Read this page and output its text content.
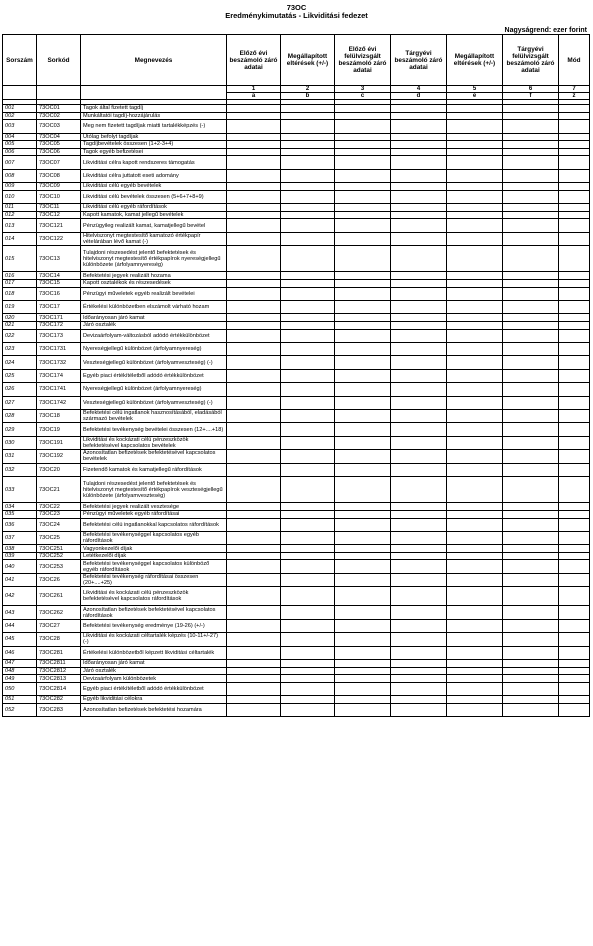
73OC
Eredménykimutatás - Likviditási fedezet
Nagyságrend: ezer forint
Sorszám	Sorkód	Megnevezés	Előző évi beszámoló záró adatai	Megállapított eltérések (+/-)	Előző évi felülvizsgált beszámoló záró adatai	Tárgyévi beszámoló záró adatai	Megállapított eltérések (+/-)	Tárgyévi felülvizsgált beszámoló záró adatai	Mód
			1	2	3	4	5	6	7
			a	b	c	d	e	f	z

001	73OC01	Tagok által fizetett tagdíj							
002	73OC02	Munkáltatói tagdíj-hozzájárulás							
003	73OC03	Meg nem fizetett tagdíjak miatti tartalékképzés (-)							
004	73OC04	Utólag befolyt tagdíjak							
005	73OC05	Tagdíjbevételek összesen (1+2-3+4)							
006	73OC06	Tagok egyéb befizetései							
007	73OC07	Likviditási célra kapott rendszeres támogatás							
008	73OC08	Likviditási célra juttatott eseti adomány							
009	73OC09	Likviditási célú egyéb bevételek							
010	73OC10	Likviditási célú bevételek összesen (5+6+7+8+9)							
011	73OC11	Likviditási célú egyéb ráfordítások							
012	73OC12	Kapott kamatok, kamat jellegű bevételek							
013	73OC121	Pénzügyileg realizált kamat, kamatjellegű bevétel							
014	73OC122	Hitelviszonyt megtestesítő kamatozó értékpapír vételárában lévő kamat (-)							
015	73OC13	Tulajdoni részesedést jelentő befektetések és hitelviszonyt megtestesítő értékpapírok nyereségjellegű különbözete (árfolyamnyereség)							
016	73OC14	Befektetési jegyek realizált hozama							
017	73OC15	Kapott osztalékok és részesedések							
018	73OC16	Pénzügyi műveletek egyéb realizált bevételei							
019	73OC17	Értékelési különbözetben elszámolt várható hozam							
020	73OC171	Időarányosan járó kamat							
021	73OC172	Járó osztalék							
022	73OC173	Devizaárfolyam-változásból adódó értékkülönbözet							
023	73OC1731	Nyereségjellegű különbözet (árfolyamnyereség)							
024	73OC1732	Veszteségjellegű különbözet (árfolyamveszteség) (-)							
025	73OC174	Egyéb piaci értékítéletből adódó értékkülönbözet							
026	73OC1741	Nyereségjellegű különbözet (árfolyamnyereség)							
027	73OC1742	Veszteségjellegű különbözet (árfolyamveszteség) (-)							
028	73OC18	Befektetési célú ingatlanok hasznosításából, eladásából származó bevételek							
029	73OC19	Befektetési tevékenység bevételei összesen (12+....+18)							
030	73OC191	Likviditási és kockázati célú pénzeszközök befektetésével kapcsolatos bevételek							
031	73OC192	Azonosítatlan befizetések befektetésével kapcsolatos bevételek							
032	73OC20	Fizetendő kamatok és kamatjellegű ráfordítások							
033	73OC21	Tulajdoni részesedést jelentő befektetések és hitelviszonyt megtestesítő értékpapírok veszteségjellegű különbözete (árfolyamveszteség)							
034	73OC22	Befektetési jegyek realizált vesztesége							
035	73OC23	Pénzügyi műveletek egyéb ráfordításai							
036	73OC24	Befektetési célú ingatlanokkal kapcsolatos ráfordítások							
037	73OC25	Befektetési tevékenységgel kapcsolatos egyéb ráfordítások							
038	73OC251	Vagyonkezelői díjak							
039	73OC252	Letétkezelői díjak							
040	73OC253	Befektetési tevékenységgel kapcsolatos különböző egyéb ráfordítások							
041	73OC26	Befektetési tevékenység ráfordításai összesen (20+....+25)							
042	73OC261	Likviditási és kockázati célú pénzeszközök befektetésével kapcsolatos ráfordítások							
043	73OC262	Azonosítatlan befizetések befektetésével kapcsolatos ráfordítások							
044	73OC27	Befektetési tevékenység eredménye (19-26) (+/-)							
045	73OC28	Likviditási és kockázati céltartalék képzés (10-11+/-27) (-)							
046	73OC281	Értékelési különbözetből képzett likviditási céltartalék							
047	73OC2811	Időarányosan járó kamat							
048	73OC2812	Járó osztalék							
049	73OC2813	Devizaárfolyam különbözetek							
050	73OC2814	Egyéb piaci értékítéletből adódó értékkülönbözet							
051	73OC282	Egyéb likviditási célokra							
052	73OC283	Azonosítatlan befizetések befektetési hozamára							
